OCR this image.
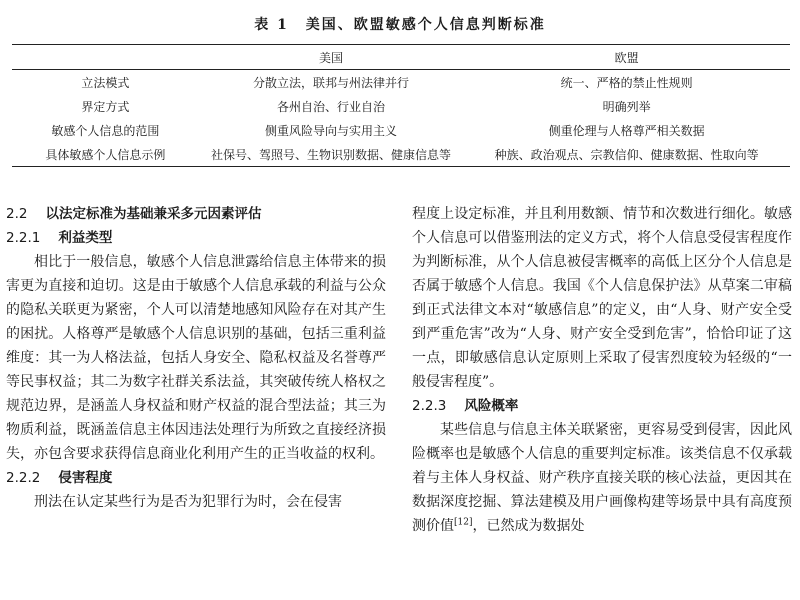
表 1 美国、欧盟敏感个人信息判断标准
	美国	欧盟
立法模式	分散立法，联邦与州法律并行	统一、严格的禁止性规则
界定方式	各州自治、行业自治	明确列举
敏感个人信息的范围	侧重风险导向与实用主义	侧重伦理与人格尊严相关数据
具体敏感个人信息示例	社保号、驾照号、生物识别数据、健康信息等	种族、政治观点、宗教信仰、健康数据、性取向等
2.2 以法定标准为基础兼采多元因素评估
2.2.1 利益类型

相比于一般信息，敏感个人信息泄露给信息主体带来的损害更为直接和迫切。这是由于敏感个人信息承载的利益与公众的隐私关联更为紧密，个人可以清楚地感知风险存在对其产生的困扰。人格尊严是敏感个人信息识别的基础，包括三重利益维度：其一为人格法益，包括人身安全、隐私权益及名誉尊严等民事权益；其二为数字社群关系法益，其突破传统人格权之规范边界，是涵盖人身权益和财产权益的混合型法益；其三为物质利益，既涵盖信息主体因违法处理行为所致之直接经济损失，亦包含要求获得信息商业化利用产生的正当收益的权利。

2.2.2 侵害程度

刑法在认定某些行为是否为犯罪行为时，会在侵害

程度上设定标准，并且利用数额、情节和次数进行细化。敏感个人信息可以借鉴刑法的定义方式，将个人信息受侵害程度作为判断标准，从个人信息被侵害概率的高低上区分个人信息是否属于敏感个人信息。我国《个人信息保护法》从草案二审稿到正式法律文本对“敏感信息”的定义，由“人身、财产安全受到严重危害”改为“人身、财产安全受到危害”，恰恰印证了这一点，即敏感信息认定原则上采取了侵害烈度较为轻级的“一般侵害程度”。

2.2.3 风险概率

某些信息与信息主体关联紧密，更容易受到侵害，因此风险概率也是敏感个人信息的重要判定标准。该类信息不仅承载着与主体人身权益、财产秩序直接关联的核心法益，更因其在数据深度挖掘、算法建模及用户画像构建等场景中具有高度预测价值[12]，已然成为数据处
